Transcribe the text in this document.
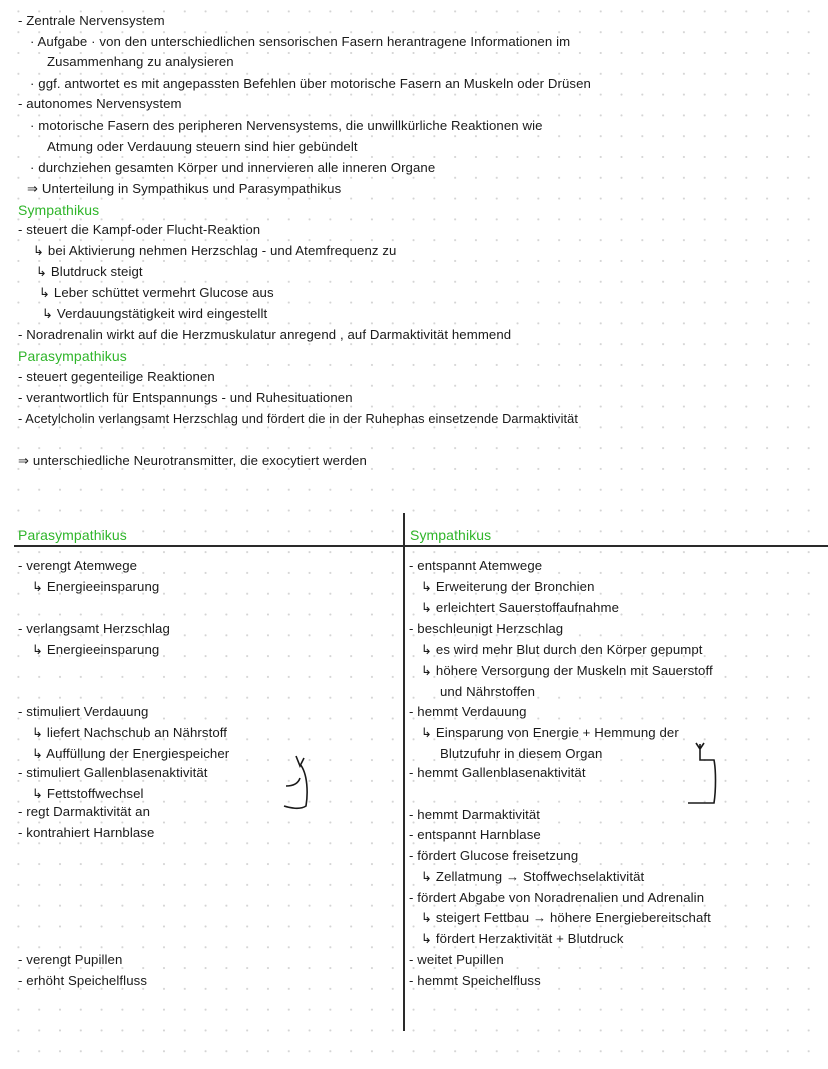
- Zentrale Nervensystem
· Aufgabe · von den unterschiedlichen sensorischen Fasern herantragene Informationen im
Zusammenhang zu analysieren
· ggf. antwortet es mit angepassten Befehlen über motorische Fasern an Muskeln oder Drüsen
- autonomes Nervensystem
· motorische Fasern des peripheren Nervensystems, die unwillkürliche Reaktionen wie
Atmung oder Verdauung steuern sind hier gebündelt
· durchziehen gesamten Körper und innervieren alle inneren Organe
⇒ Unterteilung in Sympathikus und Parasympathikus
Sympathikus
- steuert die Kampf-oder Flucht-Reaktion
↳ bei Aktivierung nehmen Herzschlag - und Atemfrequenz zu
↳ Blutdruck steigt
↳ Leber schüttet vermehrt Glucose aus
↳ Verdauungstätigkeit wird eingestellt
- Noradrenalin wirkt auf die Herzmuskulatur anregend , auf Darmaktivität hemmend
Parasympathikus
- steuert gegenteilige Reaktionen
- verantwortlich für Entspannungs - und Ruhesituationen
- Acetylcholin verlangsamt Herzschlag und fördert die in der Ruhephas einsetzende Darmaktivität
⇒ unterschiedliche Neurotransmitter, die exocytiert werden
Parasympathikus	Sympathikus
- verengt Atemwege
↳ Energieeinsparung
- verlangsamt Herzschlag
↳ Energieeinsparung
- stimuliert Verdauung
↳ liefert Nachschub an Nährstoff
↳ Auffüllung der Energiespeicher
- stimuliert Gallenblasenaktivität
↳ Fettstoffwechsel
- regt Darmaktivität an
- kontrahiert Harnblase
- verengt Pupillen
- erhöht Speichelfluss
- entspannt Atemwege
↳ Erweiterung der Bronchien
↳ erleichtert Sauerstoffaufnahme
- beschleunigt Herzschlag
↳ es wird mehr Blut durch den Körper gepumpt
↳ höhere Versorgung der Muskeln mit Sauerstoff
und Nährstoffen
- hemmt Verdauung
↳ Einsparung von Energie + Hemmung der
Blutzufuhr in diesem Organ
- hemmt Gallenblasenaktivität
- hemmt Darmaktivität
- entspannt Harnblase
- fördert Glucose freisetzung
↳ Zellatmung → Stoffwechselaktivität
- fördert Abgabe von Noradrenalien und Adrenalin
↳ steigert Fettbau → höhere Energiebereitschaft
↳ fördert Herzaktivität + Blutdruck
- weitet Pupillen
- hemmt Speichelfluss
